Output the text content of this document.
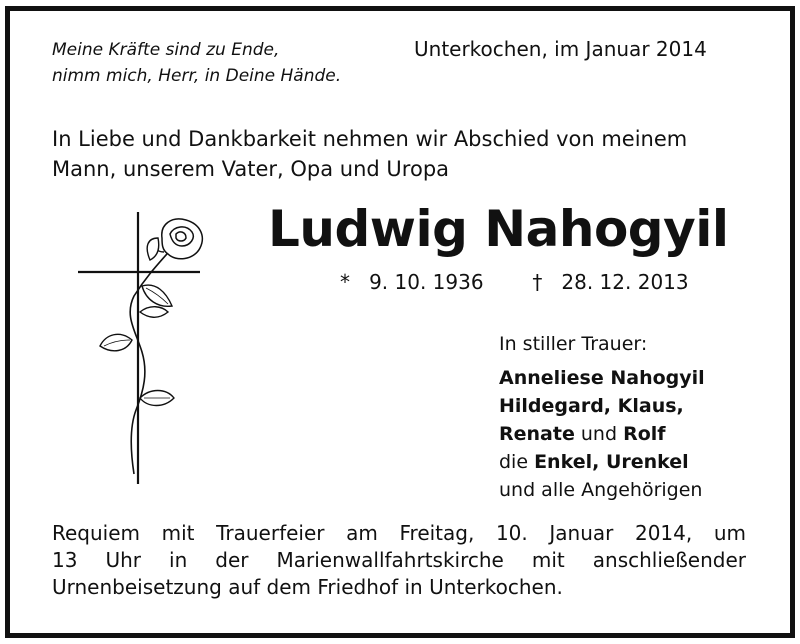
Meine Kräfte sind zu Ende,
nimm mich, Herr, in Deine Hände.
Unterkochen, im Januar 2014
In Liebe und Dankbarkeit nehmen wir Abschied von meinem
Mann, unserem Vater, Opa und Uropa
Ludwig Nahogyil
* 9. 10. 1936 † 28. 12. 2013
In stiller Trauer:
Anneliese Nahogyil
Hildegard, Klaus,
Renate und Rolf
die Enkel, Urenkel
und alle Angehörigen
Requiem mit Trauerfeier am Freitag, 10. Januar 2014, um
13 Uhr in der Marienwallfahrtskirche mit anschließender
Urnenbeisetzung auf dem Friedhof in Unterkochen.
